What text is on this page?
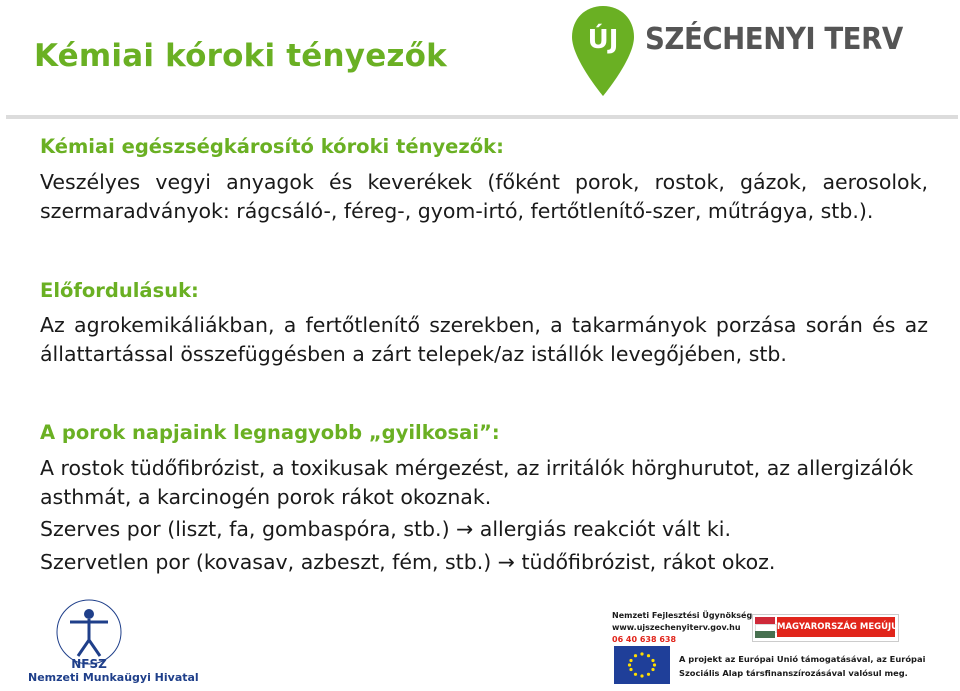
Kémiai kóroki tényezők	ÚJ SZÉCHENYI TERV
Kémiai egészségkárosító kóroki tényezők:
Veszélyes vegyi anyagok és keverékek (főként porok, rostok, gázok, aerosolok, szermaradványok: rágcsáló-, féreg-, gyom-irtó, fertőtlenítő-szer, műtrágya, stb.).
Előfordulásuk:
Az agrokemikáliákban, a fertőtlenítő szerekben, a takarmányok porzása során és az állattartással összefüggésben a zárt telepek/az istállók levegőjében, stb.
A porok napjaink legnagyobb „gyilkosai”:
A rostok tüdőfibrózist, a toxikusak mérgezést, az irritálók hörghurutot, az allergizálók asthmát, a karcinogén porok rákot okoznak.
Szerves por (liszt, fa, gombaspóra, stb.) → allergiás reakciót vált ki.
Szervetlen por (kovasav, azbeszt, fém, stb.) → tüdőfibrózist, rákot okoz.
NFSZ
Nemzeti Munkaügyi Hivatal
Nemzeti Fejlesztési Ügynökség
www.ujszechenyiterv.gov.hu
06 40 638 638
MAGYARORSZÁG MEGÚJUL
A projekt az Európai Unió támogatásával, az Európai
Szociális Alap társfinanszírozásával valósul meg.
